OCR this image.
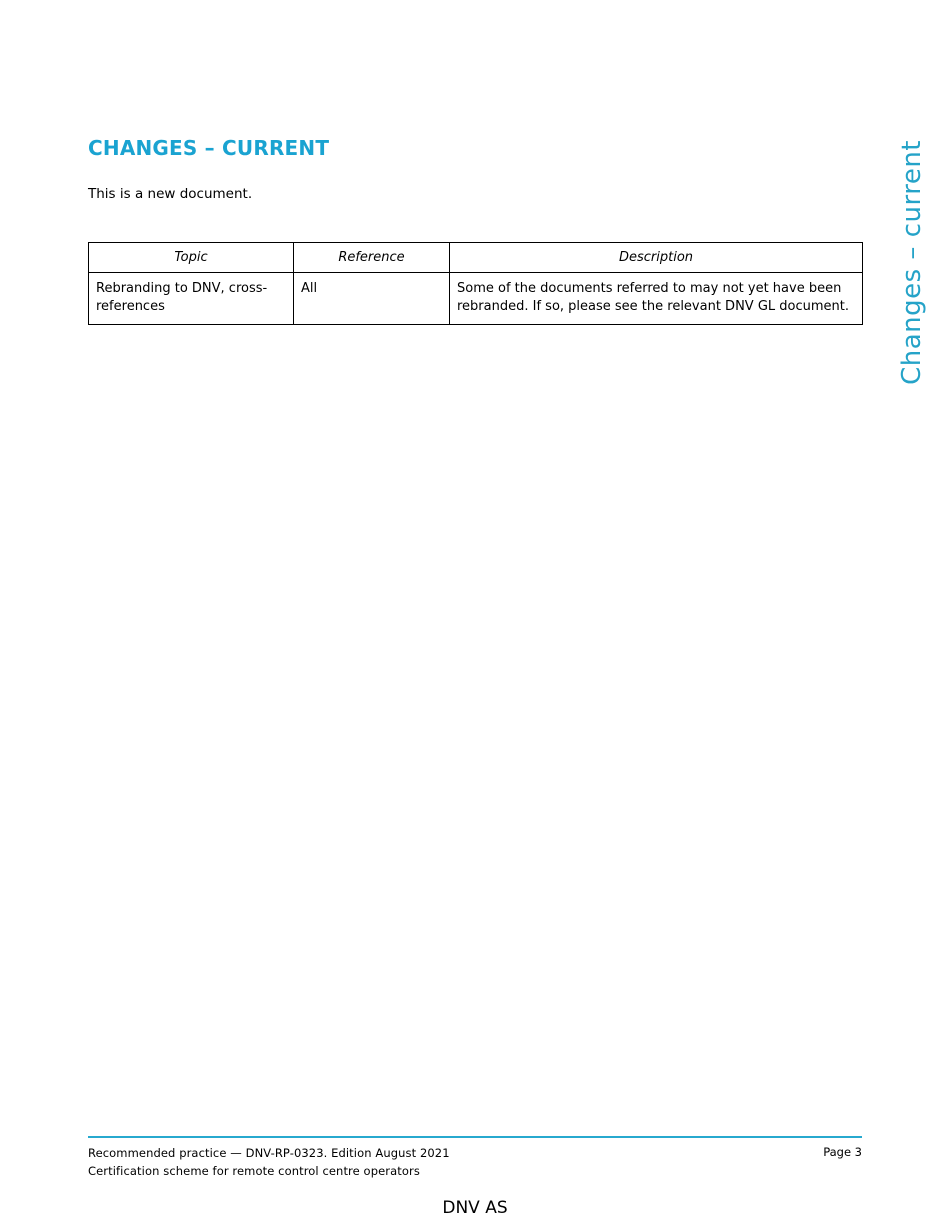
Changes – current
CHANGES – CURRENT

This is a new document.

Topic	Reference	Description
Rebranding to DNV, cross-references	All	Some of the documents referred to may not yet have been rebranded. If so, please see the relevant DNV GL document.
Recommended practice — DNV-RP-0323. Edition August 2021
Certification scheme for remote control centre operators
Page 3
DNV AS
